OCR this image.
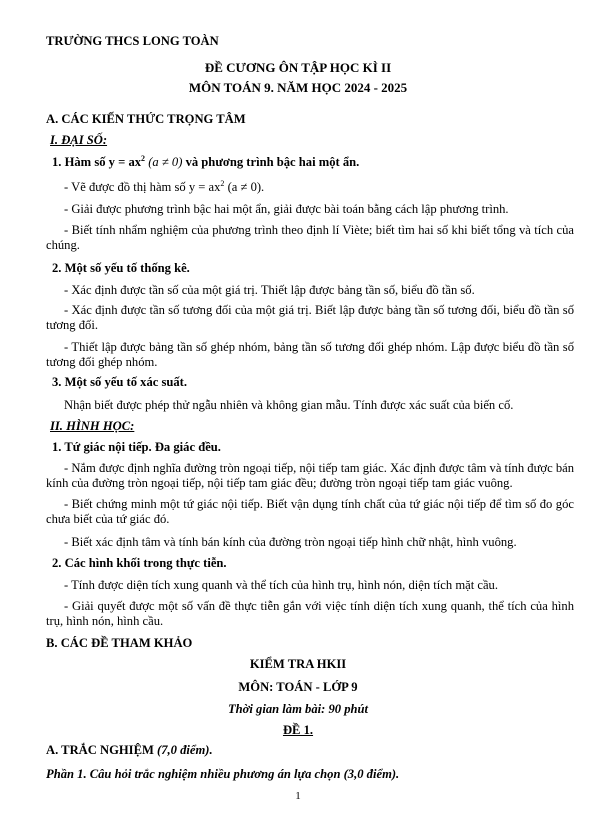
TRƯỜNG THCS LONG TOÀN
ĐỀ CƯƠNG ÔN TẬP HỌC KÌ II
MÔN TOÁN 9. NĂM HỌC 2024 - 2025
A. CÁC KIẾN THỨC TRỌNG TÂM
I. ĐẠI SỐ:
1. Hàm số $y = ax^2$ (a ≠ 0) và phương trình bậc hai một ẩn.
- Vẽ được đồ thị hàm số $y = ax^2$ (a ≠ 0).
- Giải được phương trình bậc hai một ẩn, giải được bài toán bằng cách lập phương trình.
- Biết tính nhẩm nghiệm của phương trình theo định lí Viète; biết tìm hai số khi biết tổng và tích của chúng.
2. Một số yếu tố thống kê.
- Xác định được tần số của một giá trị. Thiết lập được bảng tần số, biểu đồ tần số.
- Xác định được tần số tương đối của một giá trị. Biết lập được bảng tần số tương đối, biểu đồ tần số tương đối.
- Thiết lập được bảng tần số ghép nhóm, bảng tần số tương đối ghép nhóm. Lập được biểu đồ tần số tương đối ghép nhóm.
3. Một số yếu tố xác suất.
Nhận biết được phép thử ngẫu nhiên và không gian mẫu. Tính được xác suất của biến cố.
II. HÌNH HỌC:
1. Tứ giác nội tiếp. Đa giác đều.
- Nắm được định nghĩa đường tròn ngoại tiếp, nội tiếp tam giác. Xác định được tâm và tính được bán kính của đường tròn ngoại tiếp, nội tiếp tam giác đều; đường tròn ngoại tiếp tam giác vuông.
- Biết chứng minh một tứ giác nội tiếp. Biết vận dụng tính chất của tứ giác nội tiếp để tìm số đo góc chưa biết của tứ giác đó.
- Biết xác định tâm và tính bán kính của đường tròn ngoại tiếp hình chữ nhật, hình vuông.
2. Các hình khối trong thực tiễn.
- Tính được diện tích xung quanh và thể tích của hình trụ, hình nón, diện tích mặt cầu.
- Giải quyết được một số vấn đề thực tiễn gắn với việc tính diện tích xung quanh, thể tích của hình trụ, hình nón, hình cầu.
B. CÁC ĐỀ THAM KHẢO
KIỂM TRA HKII
MÔN: TOÁN - LỚP 9
Thời gian làm bài: 90 phút
ĐỀ 1.
A. TRẮC NGHIỆM (7,0 điểm).
Phần 1. Câu hỏi trắc nghiệm nhiều phương án lựa chọn (3,0 điểm).
1
